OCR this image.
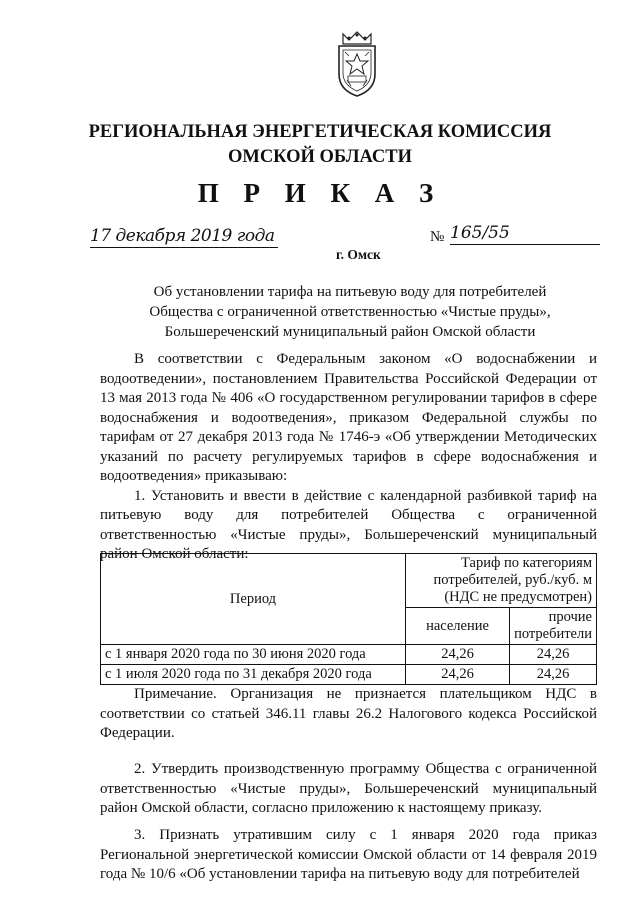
РЕГИОНАЛЬНАЯ ЭНЕРГЕТИЧЕСКАЯ КОМИССИЯ
ОМСКОЙ ОБЛАСТИ
П Р И К А З
17 декабря 2019 года
г. Омск
№ 165/55
Об установлении тарифа на питьевую воду для потребителей
Общества с ограниченной ответственностью «Чистые пруды»,
Большереченский муниципальный район Омской области

В соответствии с Федеральным законом «О водоснабжении и водоотведении», постановлением Правительства Российской Федерации от 13 мая 2013 года № 406 «О государственном регулировании тарифов в сфере водоснабжения и водоотведения», приказом Федеральной службы по тарифам от 27 декабря 2013 года № 1746-э «Об утверждении Методических указаний по расчету регулируемых тарифов в сфере водоснабжения и водоотведения» приказываю:

1. Установить и ввести в действие с календарной разбивкой тариф на питьевую воду для потребителей Общества с ограниченной ответственностью «Чистые пруды», Большереченский муниципальный район Омской области:

Период	Тариф по категориям потребителей, руб./куб. м (НДС не предусмотрен)	
	население	прочие потребители
с 1 января 2020 года по 30 июня 2020 года	24,26	24,26
с 1 июля 2020 года по 31 декабря 2020 года	24,26	24,26

Примечание. Организация не признается плательщиком НДС в соответствии со статьей 346.11 главы 26.2 Налогового кодекса Российской Федерации.

2. Утвердить производственную программу Общества с ограниченной ответственностью «Чистые пруды», Большереченский муниципальный район Омской области, согласно приложению к настоящему приказу.

3. Признать утратившим силу с 1 января 2020 года приказ Региональной энергетической комиссии Омской области от 14 февраля 2019 года № 10/6 «Об установлении тарифа на питьевую воду для потребителей
